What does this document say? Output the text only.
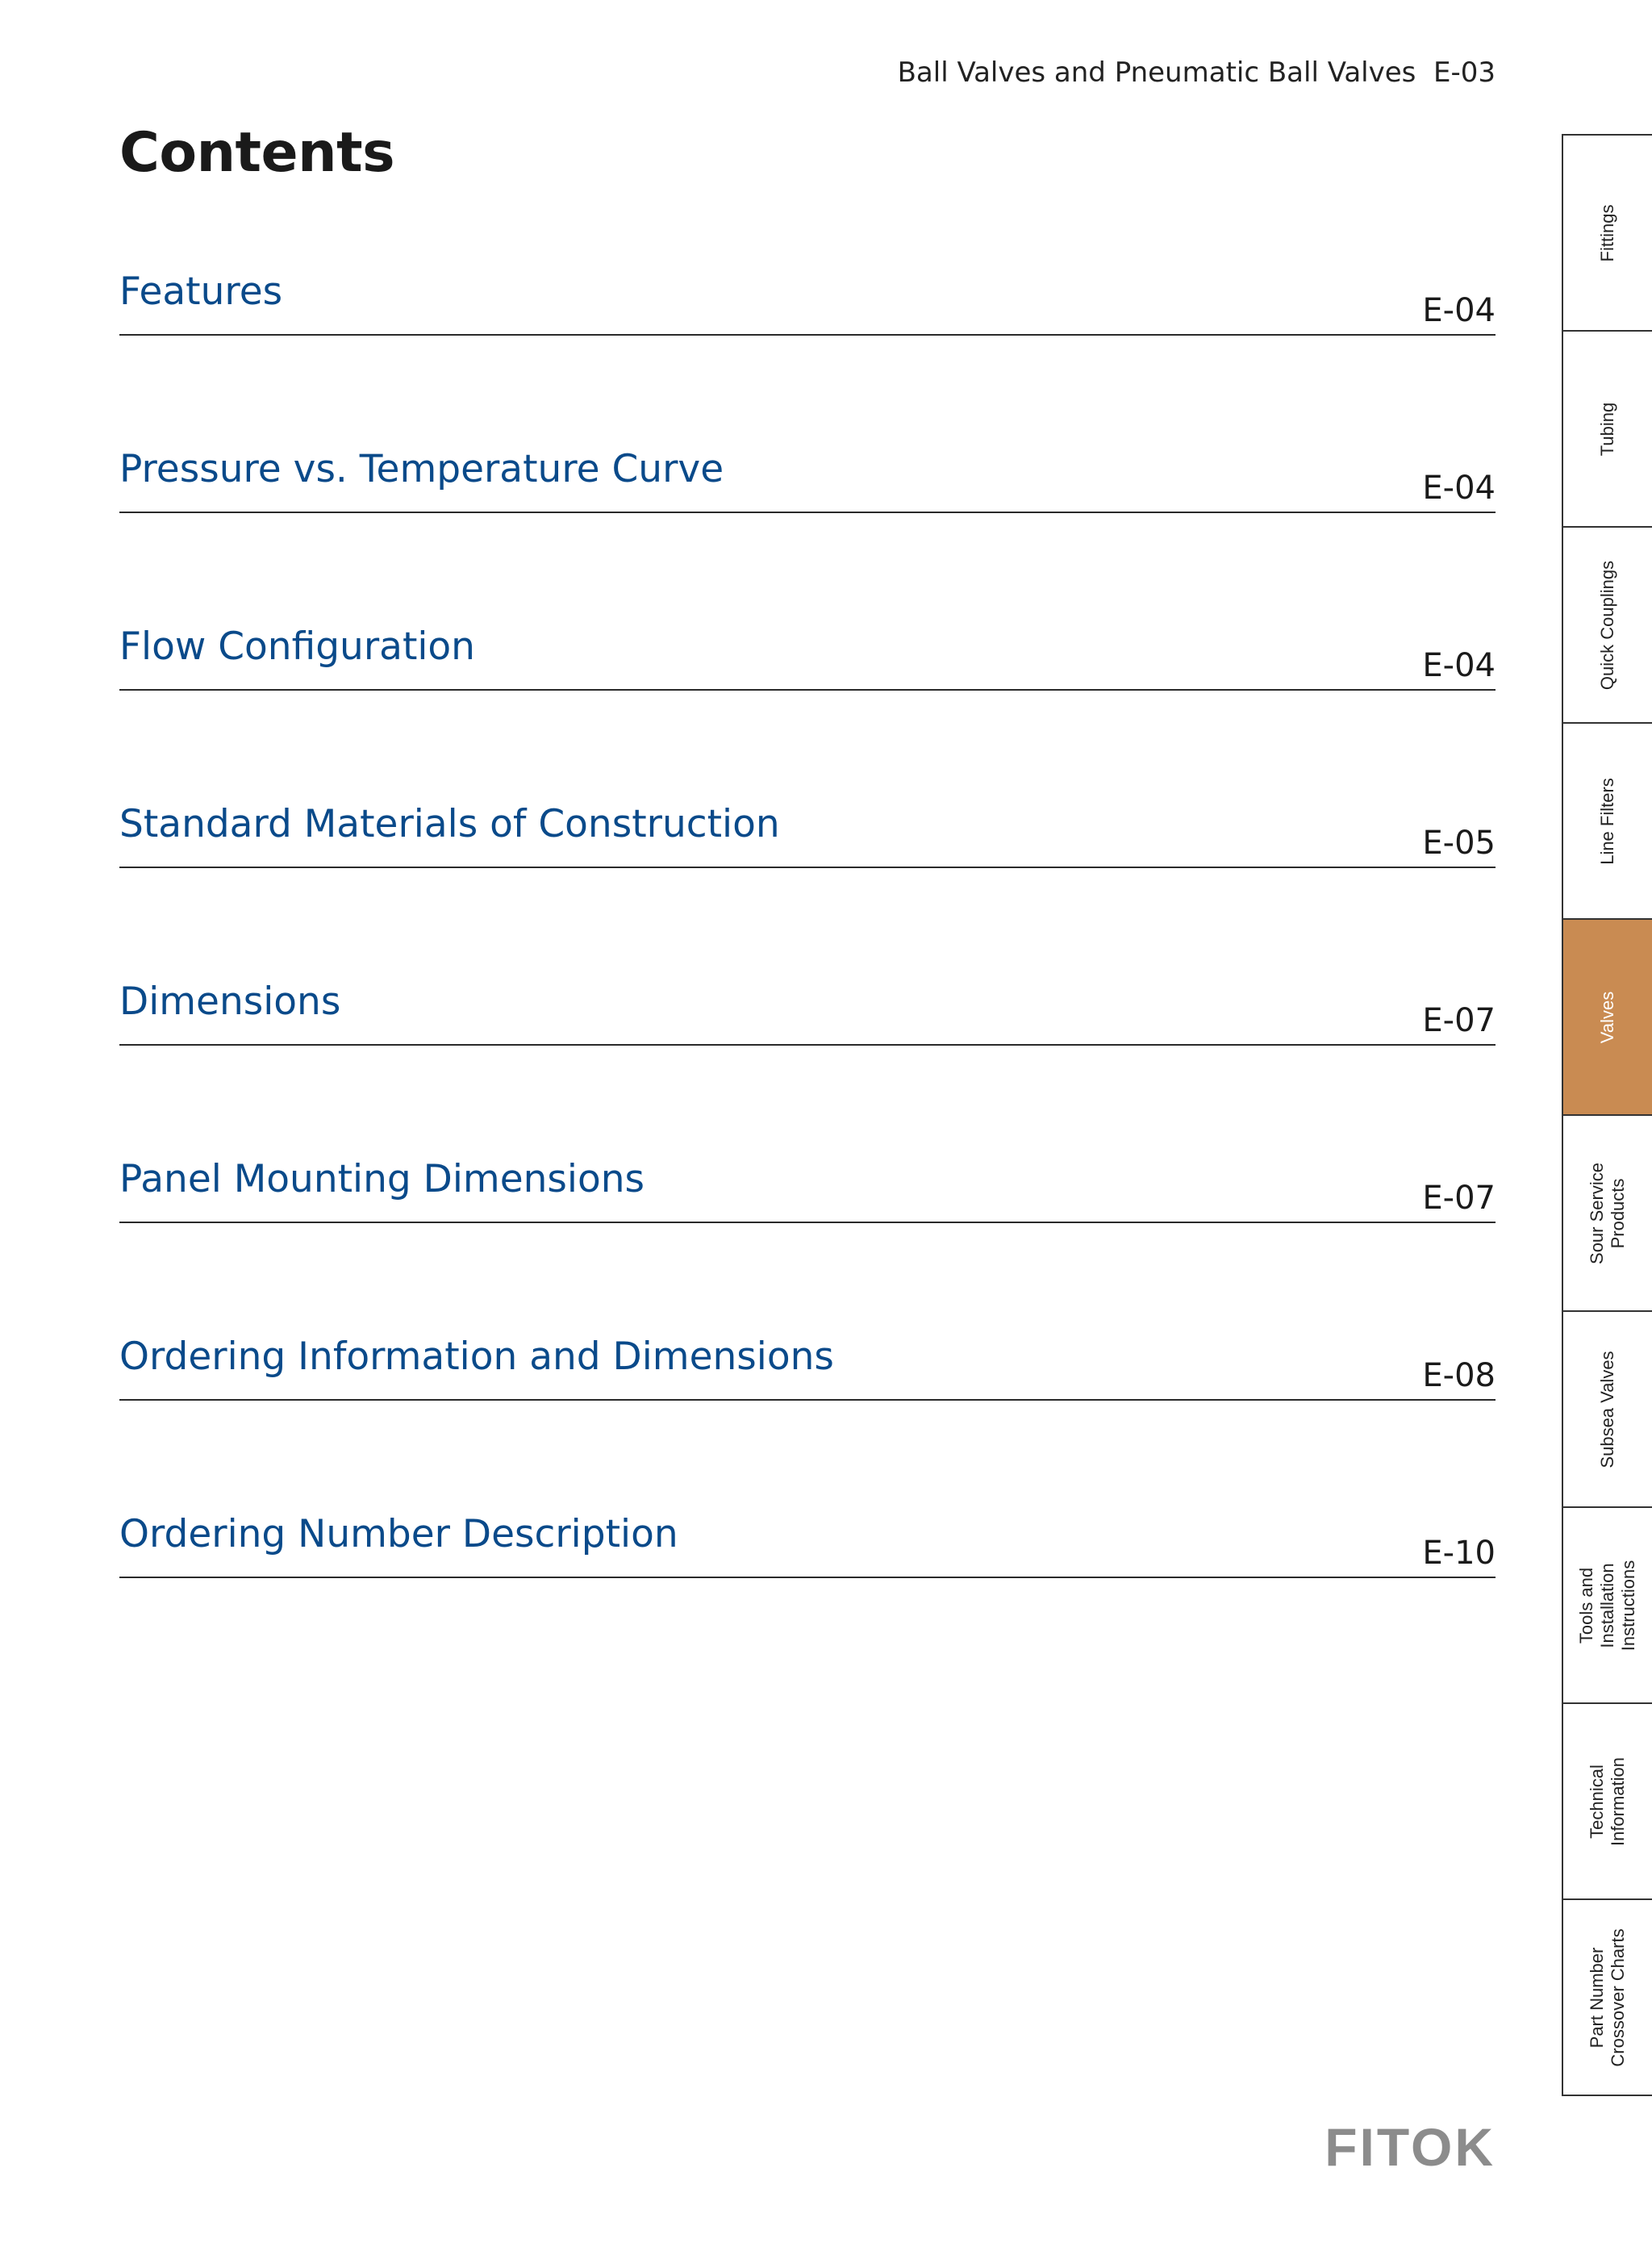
Ball Valves and Pneumatic Ball Valves  E-03
Contents
Features	E-04
Pressure vs. Temperature Curve	E-04
Flow Configuration	E-04
Standard Materials of Construction	E-05
Dimensions	E-07
Panel Mounting Dimensions	E-07
Ordering Information and Dimensions	E-08
Ordering Number Description	E-10
Fittings
Tubing
Quick Couplings
Line Filters
Valves
Sour Service
Products
Subsea Valves
Tools and
Installation
Instructions
Technical
Information
Part Number
Crossover Charts
FITOK
